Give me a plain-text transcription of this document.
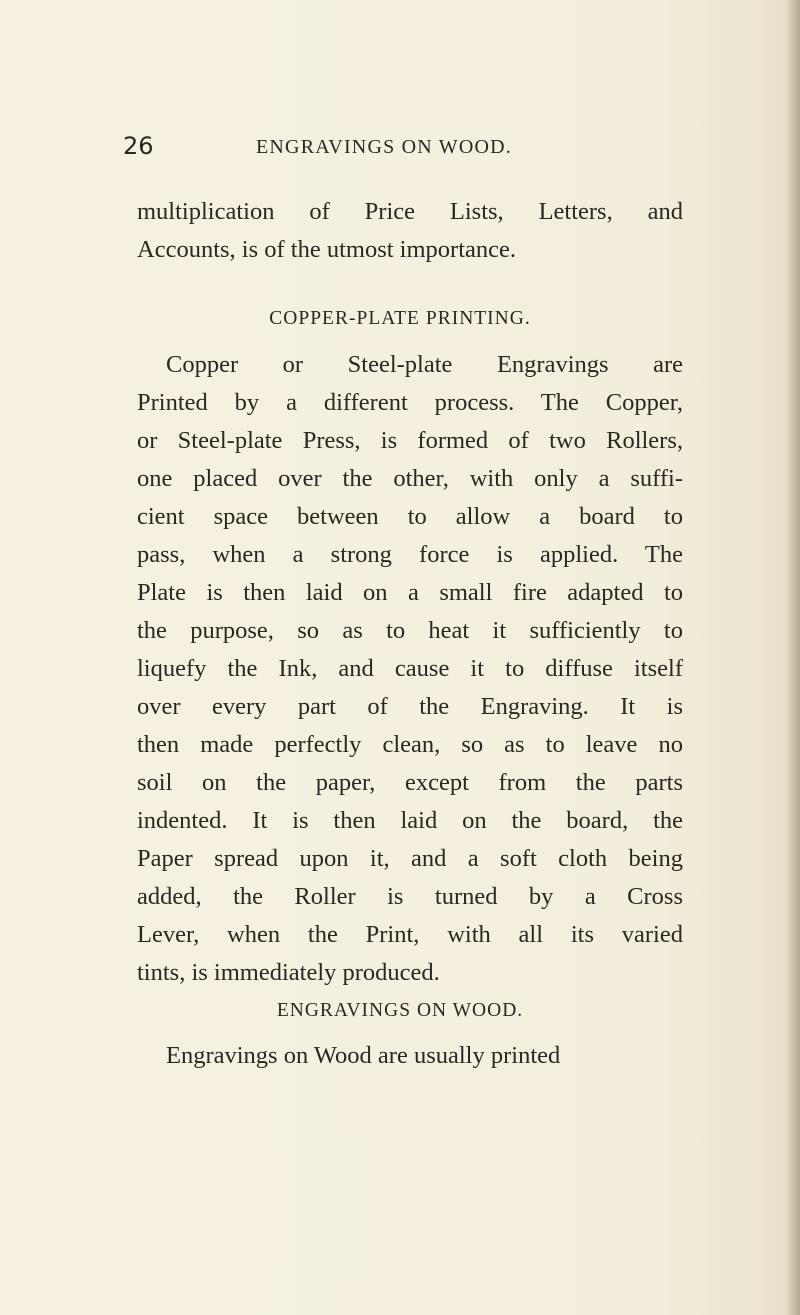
26	ENGRAVINGS ON WOOD.
multiplication of Price Lists, Letters, and
Accounts, is of the utmost importance.
COPPER-PLATE PRINTING.
Copper or Steel-plate Engravings are
Printed by a different process. The Copper,
or Steel-plate Press, is formed of two Rollers,
one placed over the other, with only a suffi-
cient space between to allow a board to
pass, when a strong force is applied. The
Plate is then laid on a small fire adapted to
the purpose, so as to heat it sufficiently to
liquefy the Ink, and cause it to diffuse itself
over every part of the Engraving. It is
then made perfectly clean, so as to leave no
soil on the paper, except from the parts
indented. It is then laid on the board, the
Paper spread upon it, and a soft cloth being
added, the Roller is turned by a Cross
Lever, when the Print, with all its varied
tints, is immediately produced.
ENGRAVINGS ON WOOD.
Engravings on Wood are usually printed
